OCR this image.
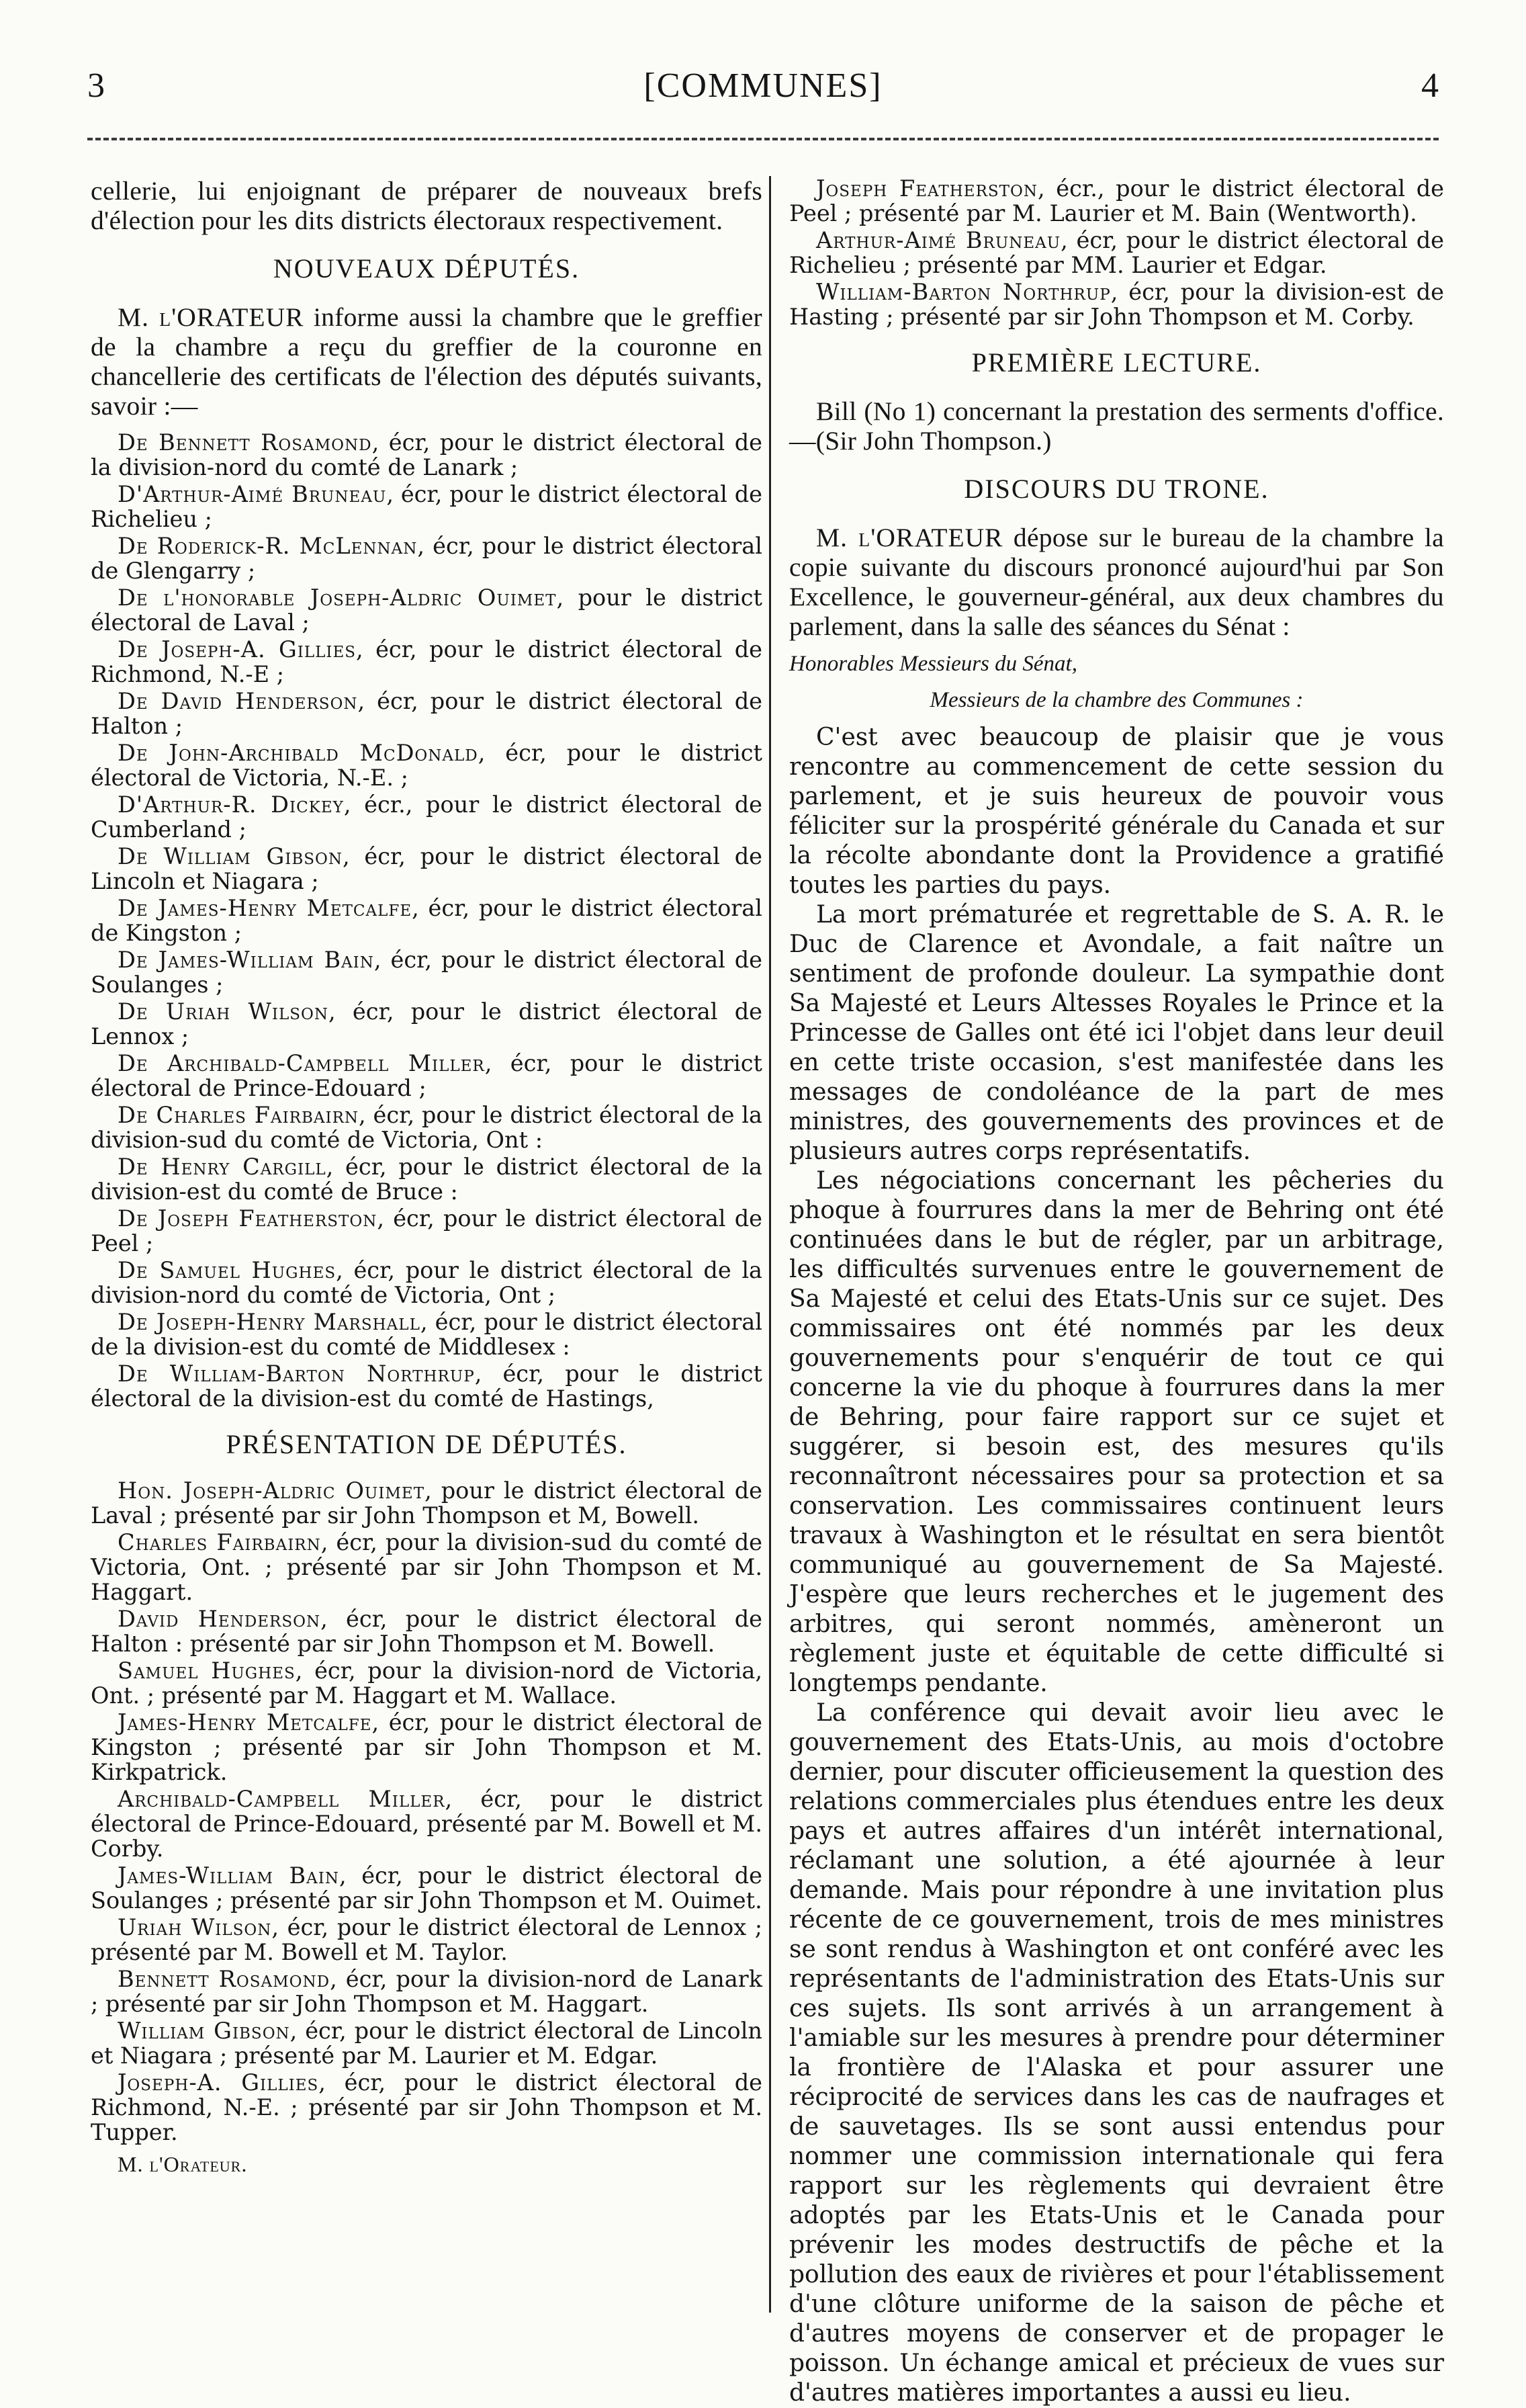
3	[COMMUNES]	4

cellerie, lui enjoignant de préparer de nouveaux brefs d'élection pour les dits districts électoraux respectivement.

NOUVEAUX DÉPUTÉS.

M. l'ORATEUR informe aussi la chambre que le greffier de la chambre a reçu du greffier de la couronne en chancellerie des certificats de l'élection des députés suivants, savoir :—

De Bennett Rosamond, écr, pour le district électoral de la division-nord du comté de Lanark ;

D'Arthur-Aimé Bruneau, écr, pour le district électoral de Richelieu ;

De Roderick-R. McLennan, écr, pour le district électoral de Glengarry ;

De l'honorable Joseph-Aldric Ouimet, pour le district électoral de Laval ;

De Joseph-A. Gillies, écr, pour le district électoral de Richmond, N.-E ;

De David Henderson, écr, pour le district électoral de Halton ;

De John-Archibald McDonald, écr, pour le district électoral de Victoria, N.-E. ;

D'Arthur-R. Dickey, écr., pour le district électoral de Cumberland ;

De William Gibson, écr, pour le district électoral de Lincoln et Niagara ;

De James-Henry Metcalfe, écr, pour le district électoral de Kingston ;

De James-William Bain, écr, pour le district électoral de Soulanges ;

De Uriah Wilson, écr, pour le district électoral de Lennox ;

De Archibald-Campbell Miller, écr, pour le district électoral de Prince-Edouard ;

De Charles Fairbairn, écr, pour le district électoral de la division-sud du comté de Victoria, Ont :

De Henry Cargill, écr, pour le district électoral de la division-est du comté de Bruce :

De Joseph Featherston, écr, pour le district électoral de Peel ;

De Samuel Hughes, écr, pour le district électoral de la division-nord du comté de Victoria, Ont ;

De Joseph-Henry Marshall, écr, pour le district électoral de la division-est du comté de Middlesex :

De William-Barton Northrup, écr, pour le district électoral de la division-est du comté de Hastings,

PRÉSENTATION DE DÉPUTÉS.

Hon. Joseph-Aldric Ouimet, pour le district électoral de Laval ; présenté par sir John Thompson et M, Bowell.

Charles Fairbairn, écr, pour la division-sud du comté de Victoria, Ont. ; présenté par sir John Thompson et M. Haggart.

David Henderson, écr, pour le district électoral de Halton : présenté par sir John Thompson et M. Bowell.

Samuel Hughes, écr, pour la division-nord de Victoria, Ont. ; présenté par M. Haggart et M. Wallace.

James-Henry Metcalfe, écr, pour le district électoral de Kingston ; présenté par sir John Thompson et M. Kirkpatrick.

Archibald-Campbell Miller, écr, pour le district électoral de Prince-Edouard, présenté par M. Bowell et M. Corby.

James-William Bain, écr, pour le district électoral de Soulanges ; présenté par sir John Thompson et M. Ouimet.

Uriah Wilson, écr, pour le district électoral de Lennox ; présenté par M. Bowell et M. Taylor.

Bennett Rosamond, écr, pour la division-nord de Lanark ; présenté par sir John Thompson et M. Haggart.

William Gibson, écr, pour le district électoral de Lincoln et Niagara ; présenté par M. Laurier et M. Edgar.

Joseph-A. Gillies, écr, pour le district électoral de Richmond, N.-E. ; présenté par sir John Thompson et M. Tupper.

M. l'Orateur.

Joseph Featherston, écr., pour le district électoral de Peel ; présenté par M. Laurier et M. Bain (Wentworth).

Arthur-Aimé Bruneau, écr, pour le district électoral de Richelieu ; présenté par MM. Laurier et Edgar.

William-Barton Northrup, écr, pour la division-est de Hasting ; présenté par sir John Thompson et M. Corby.

PREMIÈRE LECTURE.

Bill (No 1) concernant la prestation des serments d'office.—(Sir John Thompson.)

DISCOURS DU TRONE.

M. l'ORATEUR dépose sur le bureau de la chambre la copie suivante du discours prononcé aujourd'hui par Son Excellence, le gouverneur-général, aux deux chambres du parlement, dans la salle des séances du Sénat :

Honorables Messieurs du Sénat,

Messieurs de la chambre des Communes :

C'est avec beaucoup de plaisir que je vous rencontre au commencement de cette session du parlement, et je suis heureux de pouvoir vous féliciter sur la prospérité générale du Canada et sur la récolte abondante dont la Providence a gratifié toutes les parties du pays.

La mort prématurée et regrettable de S. A. R. le Duc de Clarence et Avondale, a fait naître un sentiment de profonde douleur. La sympathie dont Sa Majesté et Leurs Altesses Royales le Prince et la Princesse de Galles ont été ici l'objet dans leur deuil en cette triste occasion, s'est manifestée dans les messages de condoléance de la part de mes ministres, des gouvernements des provinces et de plusieurs autres corps représentatifs.

Les négociations concernant les pêcheries du phoque à fourrures dans la mer de Behring ont été continuées dans le but de régler, par un arbitrage, les difficultés survenues entre le gouvernement de Sa Majesté et celui des Etats-Unis sur ce sujet. Des commissaires ont été nommés par les deux gouvernements pour s'enquérir de tout ce qui concerne la vie du phoque à fourrures dans la mer de Behring, pour faire rapport sur ce sujet et suggérer, si besoin est, des mesures qu'ils reconnaîtront nécessaires pour sa protection et sa conservation. Les commissaires continuent leurs travaux à Washington et le résultat en sera bientôt communiqué au gouvernement de Sa Majesté. J'espère que leurs recherches et le jugement des arbitres, qui seront nommés, amèneront un règlement juste et équitable de cette difficulté si longtemps pendante.

La conférence qui devait avoir lieu avec le gouvernement des Etats-Unis, au mois d'octobre dernier, pour discuter officieusement la question des relations commerciales plus étendues entre les deux pays et autres affaires d'un intérêt international, réclamant une solution, a été ajournée à leur demande. Mais pour répondre à une invitation plus récente de ce gouvernement, trois de mes ministres se sont rendus à Washington et ont conféré avec les représentants de l'administration des Etats-Unis sur ces sujets. Ils sont arrivés à un arrangement à l'amiable sur les mesures à prendre pour déterminer la frontière de l'Alaska et pour assurer une réciprocité de services dans les cas de naufrages et de sauvetages. Ils se sont aussi entendus pour nommer une commission internationale qui fera rapport sur les règlements qui devraient être adoptés par les Etats-Unis et le Canada pour prévenir les modes destructifs de pêche et la pollution des eaux de rivières et pour l'établissement d'une clôture uniforme de la saison de pêche et d'autres moyens de conserver et de propager le poisson. Un échange amical et précieux de vues sur d'autres matières importantes a aussi eu lieu.
